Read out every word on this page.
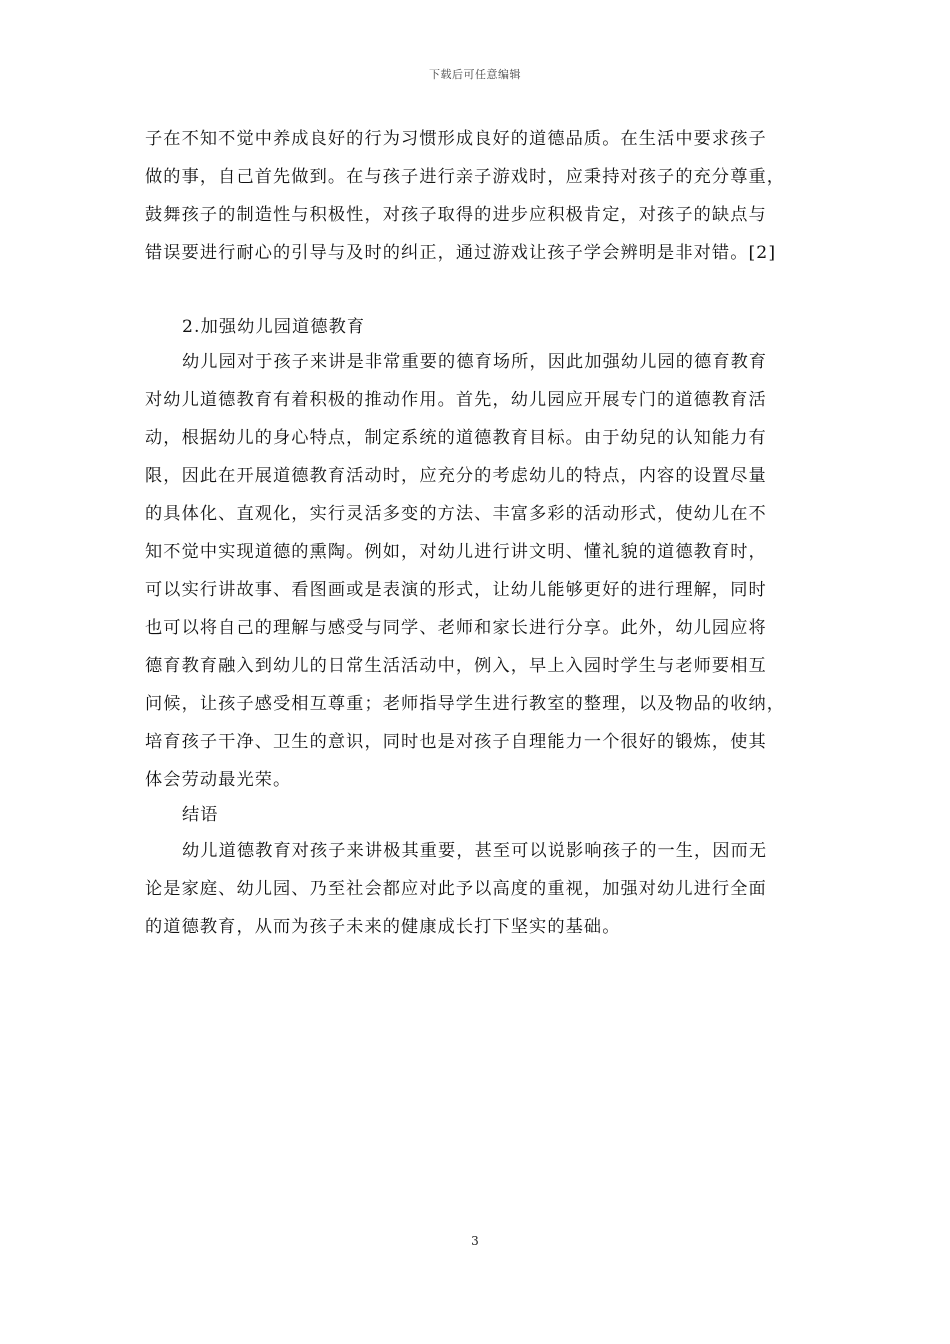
下载后可任意编辑
子在不知不觉中养成良好的行为习惯形成良好的道德品质。在生活中要求孩子
做的事，自己首先做到。在与孩子进行亲子游戏时，应秉持对孩子的充分尊重，
鼓舞孩子的制造性与积极性，对孩子取得的进步应积极肯定，对孩子的缺点与
错误要进行耐心的引导与及时的纠正，通过游戏让孩子学会辨明是非对错。[2]
2.加强幼儿园道德教育
幼儿园对于孩子来讲是非常重要的德育场所，因此加强幼儿园的德育教育
对幼儿道德教育有着积极的推动作用。首先，幼儿园应开展专门的道德教育活
动，根据幼儿的身心特点，制定系统的道德教育目标。由于幼兒的认知能力有
限，因此在开展道德教育活动时，应充分的考虑幼儿的特点，内容的设置尽量
的具体化、直观化，实行灵活多变的方法、丰富多彩的活动形式，使幼儿在不
知不觉中实现道德的熏陶。例如，对幼儿进行讲文明、懂礼貌的道德教育时，
可以实行讲故事、看图画或是表演的形式，让幼儿能够更好的进行理解，同时
也可以将自己的理解与感受与同学、老师和家长进行分享。此外，幼儿园应将
德育教育融入到幼儿的日常生活活动中，例入，早上入园时学生与老师要相互
问候，让孩子感受相互尊重；老师指导学生进行教室的整理，以及物品的收纳，
培育孩子干净、卫生的意识，同时也是对孩子自理能力一个很好的锻炼，使其
体会劳动最光荣。
结语
幼儿道德教育对孩子来讲极其重要，甚至可以说影响孩子的一生，因而无
论是家庭、幼儿园、乃至社会都应对此予以高度的重视，加强对幼儿进行全面
的道德教育，从而为孩子未来的健康成长打下坚实的基础。
3
